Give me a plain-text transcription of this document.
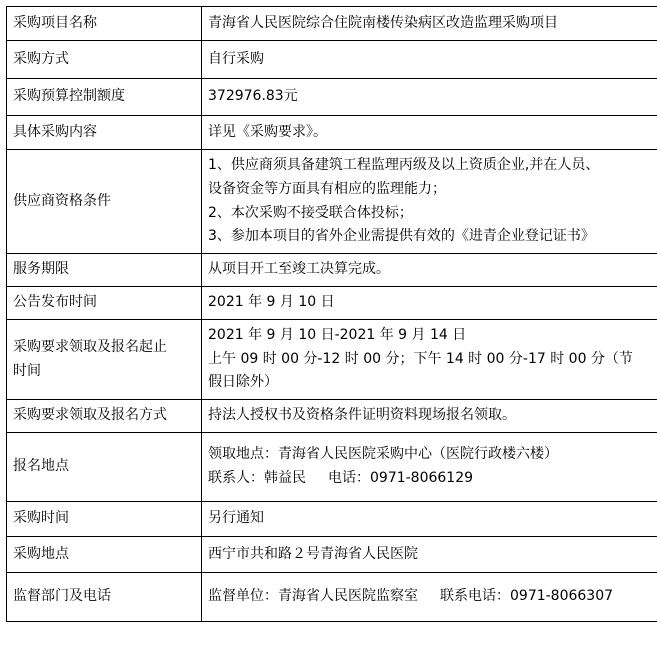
采购项目名称	青海省人民医院综合住院南楼传染病区改造监理采购项目
采购方式	自行采购
采购预算控制额度	372976.83元
具体采购内容	详见《采购要求》。
供应商资格条件	1、供应商须具备建筑工程监理丙级及以上资质企业,并在人员、
设备资金等方面具有相应的监理能力；
2、本次采购不接受联合体投标；
3、参加本项目的省外企业需提供有效的《进青企业登记证书》

服务期限	从项目开工至竣工决算完成。
公告发布时间	2021 年 9 月 10 日

采购要求领取及报名起止
时间	2021 年 9 月 10 日-2021 年 9 月 14 日
上午 09 时 00 分-12 时 00 分；下午 14 时 00 分-17 时 00 分（节
假日除外）

采购要求领取及报名方式	持法人授权书及资格条件证明资料现场报名领取。
报名地点	领取地点：青海省人民医院采购中心（医院行政楼六楼）
联系人：韩益民 电话：0971-8066129

采购时间	另行通知
采购地点	西宁市共和路２号青海省人民医院
监督部门及电话	监督单位：青海省人民医院监察室 联系电话：0971-8066307
